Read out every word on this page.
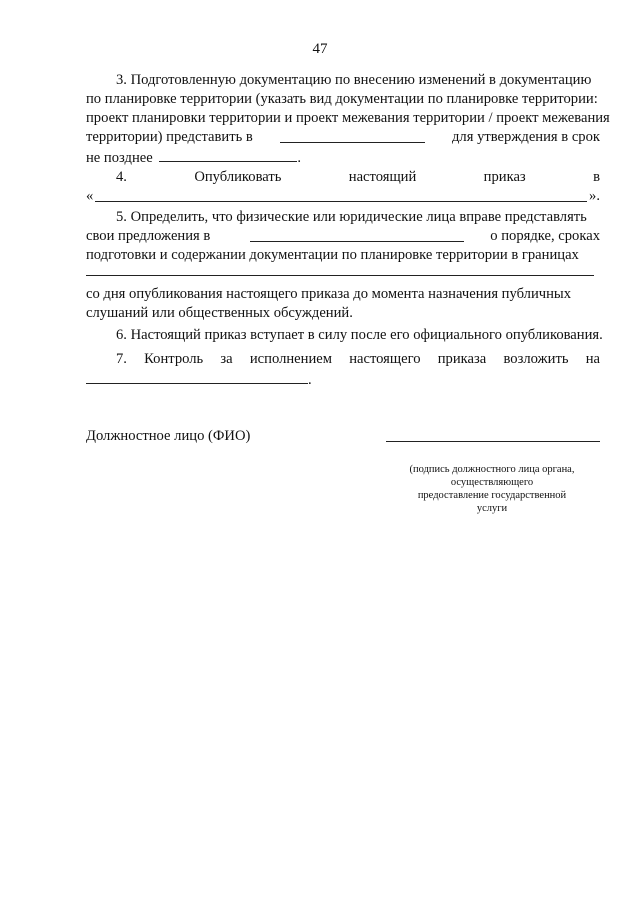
47
3. Подготовленную документацию по внесению изменений в документацию
по планировке территории (указать вид документации по планировке территории:
проект планировки территории и проект межевания территории / проект межевания
территории) представить в	для утверждения в срок
не позднее	.
4.	Опубликовать	настоящий	приказ	в
«	».
5. Определить, что физические или юридические лица вправе представлять
свои предложения в	о порядке, сроках
подготовки и содержании документации по планировке территории в границах
со дня опубликования настоящего приказа до момента назначения публичных
слушаний или общественных обсуждений.
6. Настоящий приказ вступает в силу после его официального опубликования.
7. Контроль за исполнением настоящего приказа возложить на
.
Должностное лицо (ФИО)
(подпись должностного лица органа,
осуществляющего
предоставление государственной
услуги
